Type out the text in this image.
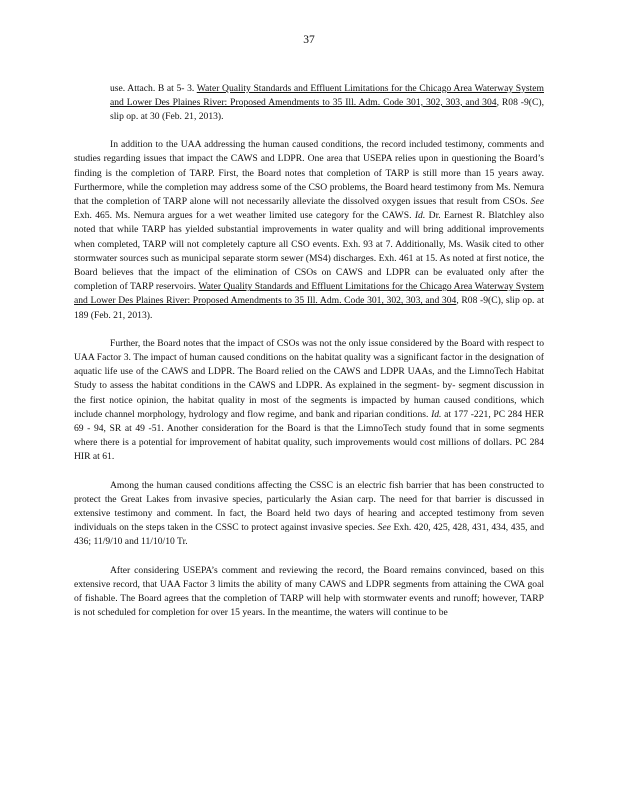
37

use. Attach. B at 5- 3. Water Quality Standards and Effluent Limitations for the Chicago Area Waterway System and Lower Des Plaines River: Proposed Amendments to 35 Ill. Adm. Code 301, 302, 303, and 304, R08 -9(C), slip op. at 30 (Feb. 21, 2013).

In addition to the UAA addressing the human caused conditions, the record included testimony, comments and studies regarding issues that impact the CAWS and LDPR. One area that USEPA relies upon in questioning the Board’s finding is the completion of TARP. First, the Board notes that completion of TARP is still more than 15 years away. Furthermore, while the completion may address some of the CSO problems, the Board heard testimony from Ms. Nemura that the completion of TARP alone will not necessarily alleviate the dissolved oxygen issues that result from CSOs. See Exh. 465. Ms. Nemura argues for a wet weather limited use category for the CAWS. Id. Dr. Earnest R. Blatchley also noted that while TARP has yielded substantial improvements in water quality and will bring additional improvements when completed, TARP will not completely capture all CSO events. Exh. 93 at 7. Additionally, Ms. Wasik cited to other stormwater sources such as municipal separate storm sewer (MS4) discharges. Exh. 461 at 15. As noted at first notice, the Board believes that the impact of the elimination of CSOs on CAWS and LDPR can be evaluated only after the completion of TARP reservoirs. Water Quality Standards and Effluent Limitations for the Chicago Area Waterway System and Lower Des Plaines River: Proposed Amendments to 35 Ill. Adm. Code 301, 302, 303, and 304, R08 -9(C), slip op. at 189 (Feb. 21, 2013).

Further, the Board notes that the impact of CSOs was not the only issue considered by the Board with respect to UAA Factor 3. The impact of human caused conditions on the habitat quality was a significant factor in the designation of aquatic life use of the CAWS and LDPR. The Board relied on the CAWS and LDPR UAAs, and the LimnoTech Habitat Study to assess the habitat conditions in the CAWS and LDPR. As explained in the segment- by- segment discussion in the first notice opinion, the habitat quality in most of the segments is impacted by human caused conditions, which include channel morphology, hydrology and flow regime, and bank and riparian conditions. Id. at 177 -221, PC 284 HER 69 - 94, SR at 49 -51. Another consideration for the Board is that the LimnoTech study found that in some segments where there is a potential for improvement of habitat quality, such improvements would cost millions of dollars. PC 284 HIR at 61.

Among the human caused conditions affecting the CSSC is an electric fish barrier that has been constructed to protect the Great Lakes from invasive species, particularly the Asian carp. The need for that barrier is discussed in extensive testimony and comment. In fact, the Board held two days of hearing and accepted testimony from seven individuals on the steps taken in the CSSC to protect against invasive species. See Exh. 420, 425, 428, 431, 434, 435, and 436; 11/9/10 and 11/10/10 Tr.

After considering USEPA’s comment and reviewing the record, the Board remains convinced, based on this extensive record, that UAA Factor 3 limits the ability of many CAWS and LDPR segments from attaining the CWA goal of fishable. The Board agrees that the completion of TARP will help with stormwater events and runoff; however, TARP is not scheduled for completion for over 15 years. In the meantime, the waters will continue to be
